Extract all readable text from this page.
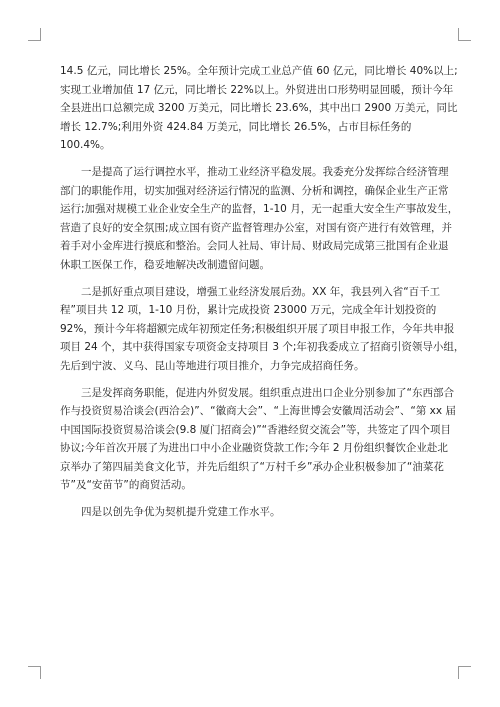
14.5 亿元，同比增长 25%。全年预计完成工业总产值 60 亿元，同比增长 40%以上;
实现工业增加值 17 亿元，同比增长 22%以上。外贸进出口形势明显回暖，预计今年
全县进出口总额完成 3200 万美元，同比增长 23.6%，其中出口 2900 万美元，同比
增长 12.7%;利用外资 424.84 万美元，同比增长 26.5%，占市目标任务的
100.4%。

　　一是提高了运行调控水平，推动工业经济平稳发展。我委充分发挥综合经济管理
部门的职能作用，切实加强对经济运行情况的监测、分析和调控，确保企业生产正常
运行;加强对规模工业企业安全生产的监督，1-10 月，无一起重大安全生产事故发生，
营造了良好的安全氛围;成立国有资产监督管理办公室，对国有资产进行有效管理，并
着手对小金库进行摸底和整治。会同人社局、审计局、财政局完成第三批国有企业退
休职工医保工作，稳妥地解决改制遗留问题。

　　二是抓好重点项目建设，增强工业经济发展后劲。XX 年，我县列入省“百千工
程”项目共 12 项，1-10 月份，累计完成投资 23000 万元，完成全年计划投资的
92%，预计今年将超额完成年初预定任务;积极组织开展了项目申报工作，今年共申报
项目 24 个，其中获得国家专项资金支持项目 3 个;年初我委成立了招商引资领导小组，
先后到宁波、义乌、昆山等地进行项目推介，力争完成招商任务。

　　三是发挥商务职能，促进内外贸发展。组织重点进出口企业分别参加了“东西部合
作与投资贸易洽谈会(西洽会)”、“徽商大会”、“上海世博会安徽周活动会”、“第 xx 届
中国国际投资贸易洽谈会(9.8 厦门招商会)”“香港经贸交流会”等，共签定了四个项目
协议;今年首次开展了为进出口中小企业融资贷款工作;今年 2 月份组织餐饮企业赴北
京举办了第四届美食文化节，并先后组织了“万村千乡”承办企业积极参加了“油菜花
节”及“安苗节”的商贸活动。

　　四是以创先争优为契机提升党建工作水平。
